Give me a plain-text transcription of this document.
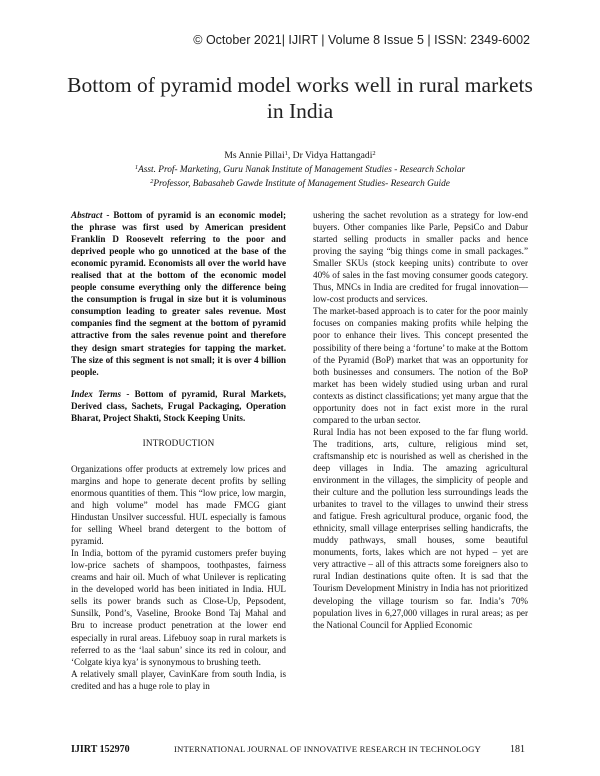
© October 2021| IJIRT | Volume 8 Issue 5 | ISSN: 2349-6002
Bottom of pyramid model works well in rural markets in India
Ms Annie Pillai$^1$, Dr Vidya Hattangadi$^2$
$^1$Asst. Prof- Marketing, Guru Nanak Institute of Management Studies - Research Scholar
$^2$Professor, Babasaheb Gawde Institute of Management Studies- Research Guide

Abstract - Bottom of pyramid is an economic model; the phrase was first used by American president Franklin D Roosevelt referring to the poor and deprived people who go unnoticed at the base of the economic pyramid. Economists all over the world have realised that at the bottom of the economic model people consume everything only the difference being the consumption is frugal in size but it is voluminous consumption leading to greater sales revenue. Most companies find the segment at the bottom of pyramid attractive from the sales revenue point and therefore they design smart strategies for tapping the market. The size of this segment is not small; it is over 4 billion people.

Index Terms - Bottom of pyramid, Rural Markets, Derived class, Sachets, Frugal Packaging, Operation Bharat, Project Shakti, Stock Keeping Units.

INTRODUCTION

Organizations offer products at extremely low prices and margins and hope to generate decent profits by selling enormous quantities of them. This “low price, low margin, and high volume” model has made FMCG giant Hindustan Unsilver successful. HUL especially is famous for selling Wheel brand detergent to the bottom of pyramid.

In India, bottom of the pyramid customers prefer buying low-price sachets of shampoos, toothpastes, fairness creams and hair oil. Much of what Unilever is replicating in the developed world has been initiated in India. HUL sells its power brands such as Close-Up, Pepsodent, Sunsilk, Pond’s, Vaseline, Brooke Bond Taj Mahal and Bru to increase product penetration at the lower end especially in rural areas. Lifebuoy soap in rural markets is referred to as the ‘laal sabun’ since its red in colour, and ‘Colgate kiya kya’ is synonymous to brushing teeth.

A relatively small player, CavinKare from south India, is credited and has a huge role to play in

ushering the sachet revolution as a strategy for low-end buyers. Other companies like Parle, PepsiCo and Dabur started selling products in smaller packs and hence proving the saying “big things come in small packages.” Smaller SKUs (stock keeping units) contribute to over 40% of sales in the fast moving consumer goods category. Thus, MNCs in India are credited for frugal innovation—low-cost products and services.

The market-based approach is to cater for the poor mainly focuses on companies making profits while helping the poor to enhance their lives. This concept presented the possibility of there being a ‘fortune’ to make at the Bottom of the Pyramid (BoP) market that was an opportunity for both businesses and consumers. The notion of the BoP market has been widely studied using urban and rural contexts as distinct classifications; yet many argue that the opportunity does not in fact exist more in the rural compared to the urban sector.

Rural India has not been exposed to the far flung world. The traditions, arts, culture, religious mind set, craftsmanship etc is nourished as well as cherished in the deep villages in India. The amazing agricultural environment in the villages, the simplicity of people and their culture and the pollution less surroundings leads the urbanites to travel to the villages to unwind their stress and fatigue. Fresh agricultural produce, organic food, the ethnicity, small village enterprises selling handicrafts, the muddy pathways, small houses, some beautiful monuments, forts, lakes which are not hyped – yet are very attractive – all of this attracts some foreigners also to rural Indian destinations quite often. It is sad that the Tourism Development Ministry in India has not prioritized developing the village tourism so far. India’s 70% population lives in 6,27,000 villages in rural areas; as per the National Council for Applied Economic

IJIRT 152970	INTERNATIONAL JOURNAL OF INNOVATIVE RESEARCH IN TECHNOLOGY	181
